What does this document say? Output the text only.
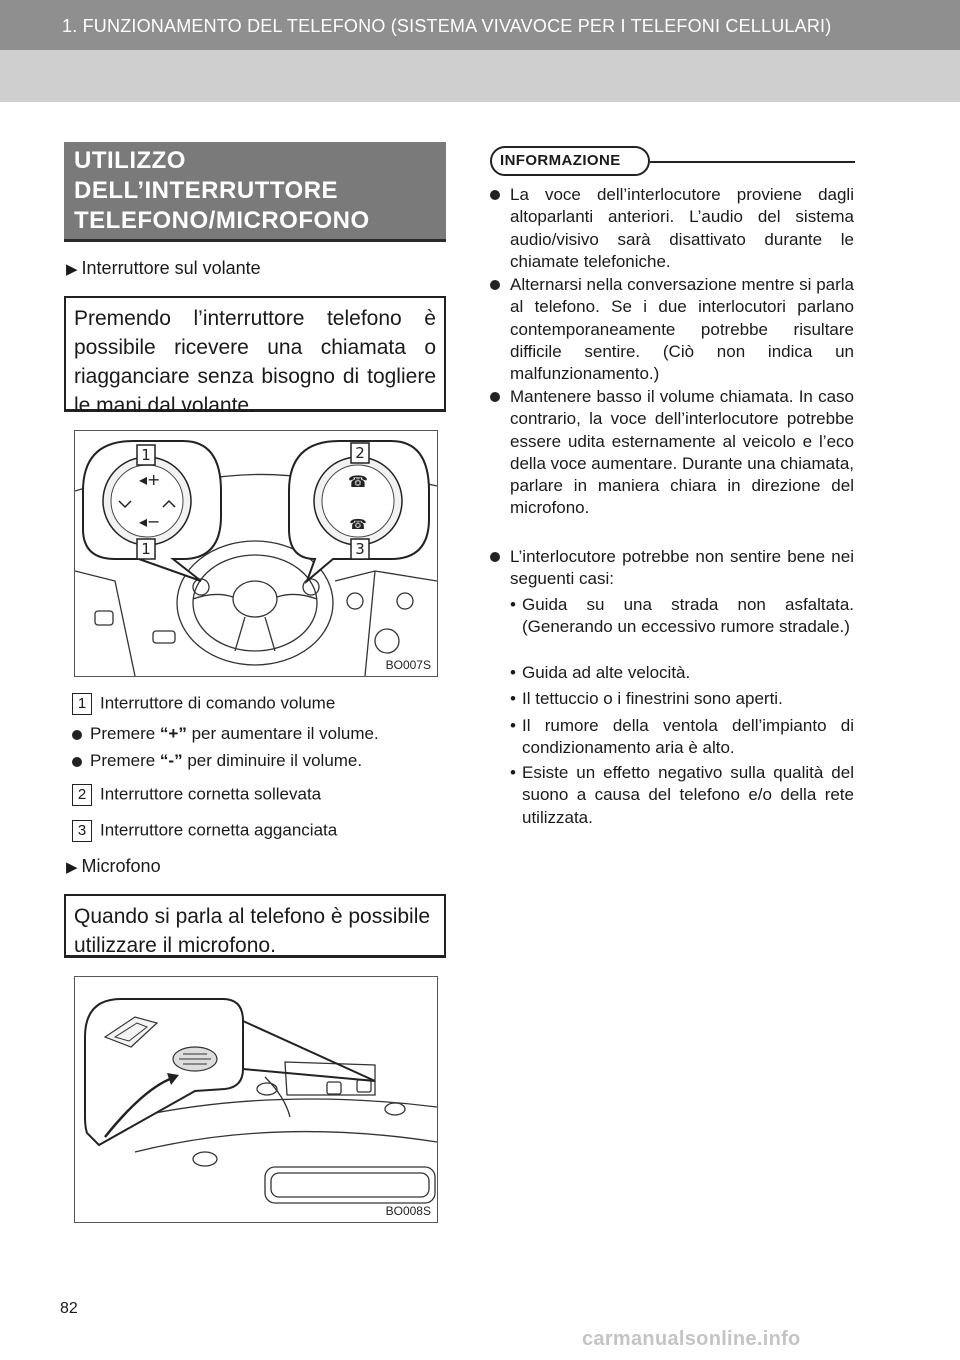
1. FUNZIONAMENTO DEL TELEFONO (SISTEMA VIVAVOCE PER I TELEFONI CELLULARI)
UTILIZZO DELL’INTERRUTTORE TELEFONO/MICROFONO
▶ Interruttore sul volante
Premendo l’interruttore telefono è possibile ricevere una chiamata o riagganciare senza bisogno di togliere le mani dal volante.
◂+
◂−
1
1
☎
☎
2
3
BO007S
1 Interruttore di comando volume
Premere “+” per aumentare il volume.
Premere “-” per diminuire il volume.
2 Interruttore cornetta sollevata
3 Interruttore cornetta agganciata
▶ Microfono
Quando si parla al telefono è possibile utilizzare il microfono.
BO008S
INFORMAZIONE
La voce dell’interlocutore proviene dagli altoparlanti anteriori. L’audio del sistema audio/visivo sarà disattivato durante le chiamate telefoniche.
Alternarsi nella conversazione mentre si parla al telefono. Se i due interlocutori parlano contemporaneamente potrebbe risultare difficile sentire. (Ciò non indica un malfunzionamento.)
Mantenere basso il volume chiamata. In caso contrario, la voce dell’interlocutore potrebbe essere udita esternamente al veicolo e l’eco della voce aumentare. Durante una chiamata, parlare in maniera chiara in direzione del microfono.
L’interlocutore potrebbe non sentire bene nei seguenti casi:
• Guida su una strada non asfaltata. (Generando un eccessivo rumore stradale.)
• Guida ad alte velocità.
• Il tettuccio o i finestrini sono aperti.
• Il rumore della ventola dell’impianto di condizionamento aria è alto.
• Esiste un effetto negativo sulla qualità del suono a causa del telefono e/o della rete utilizzata.
82
carmanualsonline.info
